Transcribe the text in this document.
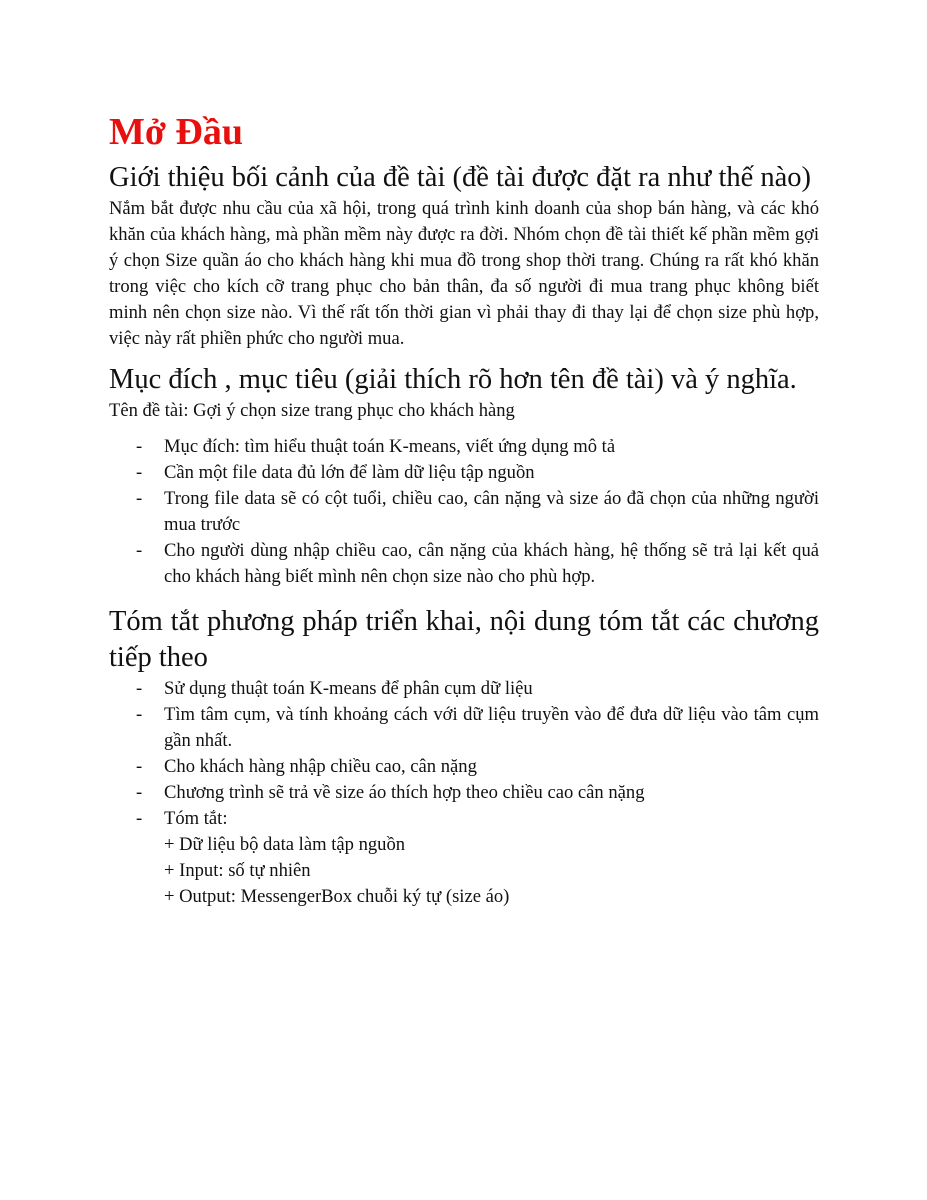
Mở Đầu
Giới thiệu bối cảnh của đề tài (đề tài được đặt ra như thế nào)

Nắm bắt được nhu cầu của xã hội, trong quá trình kinh doanh của shop bán hàng, và các khó khăn của khách hàng, mà phần mềm này được ra đời. Nhóm chọn đề tài thiết kế phần mềm gợi ý chọn Size quần áo cho khách hàng khi mua đồ trong shop thời trang. Chúng ra rất khó khăn trong việc cho kích cỡ trang phục cho bản thân, đa số người đi mua trang phục không biết minh nên chọn size nào. Vì thế rất tốn thời gian vì phải thay đi thay lại để chọn size phù hợp, việc này rất phiền phức cho người mua.

Mục đích , mục tiêu (giải thích rõ hơn tên đề tài) và ý nghĩa.

Tên đề tài: Gợi ý chọn size trang phục cho khách hàng

- Mục đích: tìm hiểu thuật toán K-means, viết ứng dụng mô tả
- Cần một file data đủ lớn để làm dữ liệu tập nguồn
- Trong file data sẽ có cột tuổi, chiều cao, cân nặng và size áo đã chọn của những người mua trước
- Cho người dùng nhập chiều cao, cân nặng của khách hàng, hệ thống sẽ trả lại kết quả cho khách hàng biết mình nên chọn size nào cho phù hợp.
Tóm tắt phương pháp triển khai, nội dung tóm tắt các chương tiếp theo
- Sử dụng thuật toán K-means để phân cụm dữ liệu
- Tìm tâm cụm, và tính khoảng cách với dữ liệu truyền vào để đưa dữ liệu vào tâm cụm gần nhất.
- Cho khách hàng nhập chiều cao, cân nặng
- Chương trình sẽ trả về size áo thích hợp theo chiều cao cân nặng
- Tóm tắt:
+ Dữ liệu bộ data làm tập nguồn
+ Input: số tự nhiên
+ Output: MessengerBox chuỗi ký tự (size áo)
